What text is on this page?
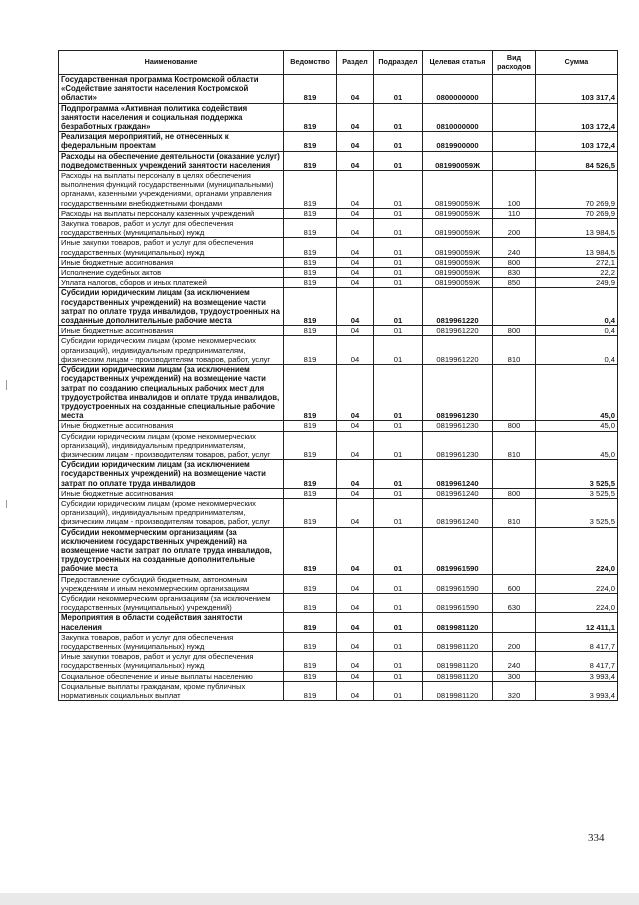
Наименование	Ведомство	Раздел	Подраздел	Целевая статья	Вид расходов	Сумма
Государственная программа Костромской области «Содействие занятости населения Костромской области»	819	04	01	0800000000		103 317,4
Подпрограмма «Активная политика содействия занятости населения и социальная поддержка безработных граждан»	819	04	01	0810000000		103 172,4
Реализация мероприятий, не отнесенных к федеральным проектам	819	04	01	0819900000		103 172,4
Расходы на обеспечение деятельности (оказание услуг) подведомственных учреждений занятости населения	819	04	01	081990059Ж		84 526,5
Расходы на выплаты персоналу в целях обеспечения выполнения функций государственными (муниципальными) органами, казенными учреждениями, органами управления государственными внебюджетными фондами	819	04	01	081990059Ж	100	70 269,9
Расходы на выплаты персоналу казенных учреждений	819	04	01	081990059Ж	110	70 269,9
Закупка товаров, работ и услуг для обеспечения государственных (муниципальных) нужд	819	04	01	081990059Ж	200	13 984,5
Иные закупки товаров, работ и услуг для обеспечения государственных (муниципальных) нужд	819	04	01	081990059Ж	240	13 984,5
Иные бюджетные ассигнования	819	04	01	081990059Ж	800	272,1
Исполнение судебных актов	819	04	01	081990059Ж	830	22,2
Уплата налогов, сборов и иных платежей	819	04	01	081990059Ж	850	249,9
Субсидии юридическим лицам (за исключением государственных учреждений) на возмещение части затрат по оплате труда инвалидов, трудоустроенных на созданные дополнительные рабочие места	819	04	01	0819961220		0,4
Иные бюджетные ассигнования	819	04	01	0819961220	800	0,4
Субсидии юридическим лицам (кроме некоммерческих организаций), индивидуальным предпринимателям, физическим лицам - производителям товаров, работ, услуг	819	04	01	0819961220	810	0,4
Субсидии юридическим лицам (за исключением государственных учреждений) на возмещение части затрат по созданию специальных рабочих мест для трудоустройства инвалидов и оплате труда инвалидов, трудоустроенных на созданные специальные рабочие места	819	04	01	0819961230		45,0
Иные бюджетные ассигнования	819	04	01	0819961230	800	45,0
Субсидии юридическим лицам (кроме некоммерческих организаций), индивидуальным предпринимателям, физическим лицам - производителям товаров, работ, услуг	819	04	01	0819961230	810	45,0
Субсидии юридическим лицам (за исключением государственных учреждений) на возмещение части затрат по оплате труда инвалидов	819	04	01	0819961240		3 525,5
Иные бюджетные ассигнования	819	04	01	0819961240	800	3 525,5
Субсидии юридическим лицам (кроме некоммерческих организаций), индивидуальным предпринимателям, физическим лицам - производителям товаров, работ, услуг	819	04	01	0819961240	810	3 525,5
Субсидии некоммерческим организациям (за исключением государственных учреждений) на возмещение части затрат по оплате труда инвалидов, трудоустроенных на созданные дополнительные рабочие места	819	04	01	0819961590		224,0
Предоставление субсидий бюджетным, автономным учреждениям и иным некоммерческим организациям	819	04	01	0819961590	600	224,0
Субсидии некоммерческим организациям (за исключением государственных (муниципальных) учреждений)	819	04	01	0819961590	630	224,0
Мероприятия в области содействия занятости населения	819	04	01	0819981120		12 411,1
Закупка товаров, работ и услуг для обеспечения государственных (муниципальных) нужд	819	04	01	0819981120	200	8 417,7
Иные закупки товаров, работ и услуг для обеспечения государственных (муниципальных) нужд	819	04	01	0819981120	240	8 417,7
Социальное обеспечение и иные выплаты населению	819	04	01	0819981120	300	3 993,4
Социальные выплаты гражданам, кроме публичных нормативных социальных выплат	819	04	01	0819981120	320	3 993,4
334
